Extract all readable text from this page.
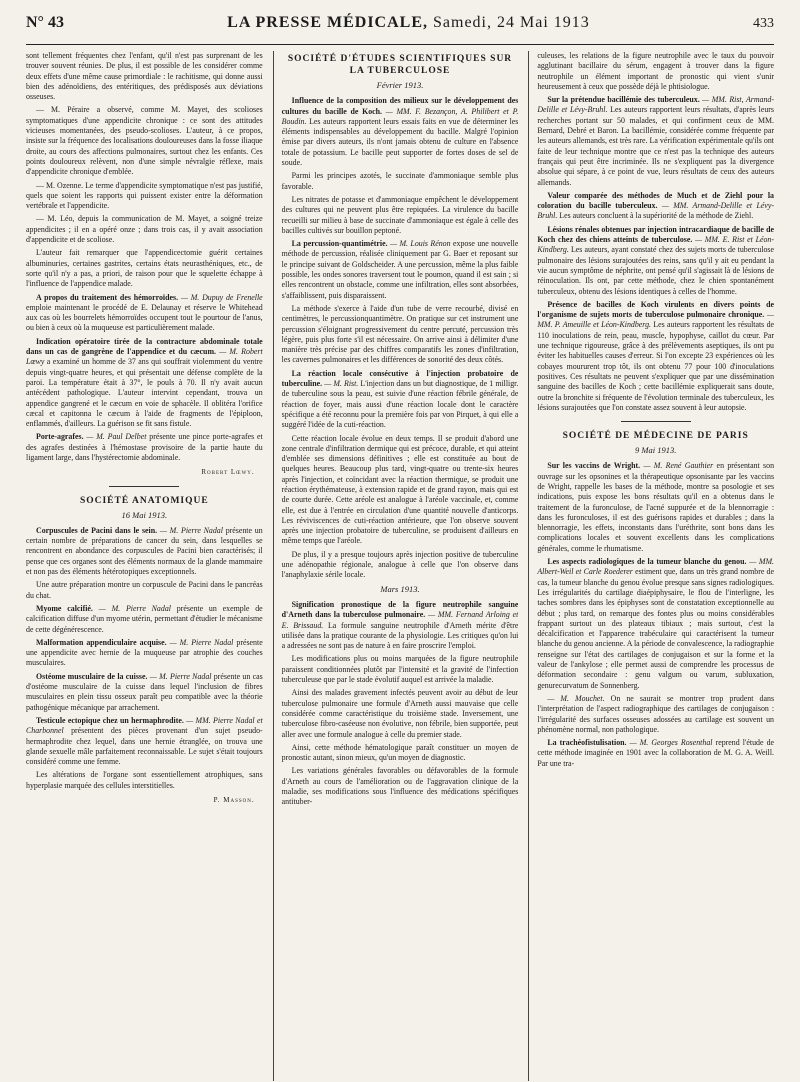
N° 43	LA PRESSE MÉDICALE, Samedi, 24 Mai 1913	433

sont tellement fréquentes chez l'enfant, qu'il n'est pas surprenant de les trouver souvent réunies. De plus, il est possible de les considérer comme deux effets d'une même cause primordiale : le rachitisme, qui donne aussi bien des adénoïdiens, des entéritiques, des prédisposés aux déviations osseuses.

— M. Péraire a observé, comme M. Mayet, des scolioses symptomatiques d'une appendicite chronique : ce sont des attitudes vicieuses momentanées, des pseudo-scolioses. L'auteur, à ce propos, insiste sur la fréquence des localisations douloureuses dans la fosse iliaque droite, au cours des affections pulmonaires, surtout chez les enfants. Ces points douloureux relèvent, non d'une simple névralgie réflexe, mais d'appendicite chronique d'emblée.

— M. Ozenne. Le terme d'appendicite symptomatique n'est pas justifié, quels que soient les rapports qui puissent exister entre la déformation vertébrale et l'appendicite.

— M. Léo, depuis la communication de M. Mayet, a soigné treize appendicites ; il en a opéré onze ; dans trois cas, il y avait association d'appendicite et de scoliose.

L'auteur fait remarquer que l'appendicectomie guérit certaines albuminuries, certaines gastrites, certains états neurasthéniques, etc., de sorte qu'il n'y a pas, a priori, de raison pour que le squelette échappe à l'influence de l'appendice malade.

A propos du traitement des hémorroïdes. — M. Dupuy de Frenelle emploie maintenant le procédé de E. Delaunay et réserve le Whitehead aux cas où les bourrelets hémorroïdes occupent tout le pourtour de l'anus, ou bien à ceux où la muqueuse est particulièrement malade.

Indication opératoire tirée de la contracture abdominale totale dans un cas de gangrène de l'appendice et du cæcum. — M. Robert Lœwy a examiné un homme de 37 ans qui souffrait violemment du ventre depuis vingt-quatre heures, et qui présentait une défense complète de la paroi. La température était à 37°, le pouls à 70. Il n'y avait aucun antécédent pathologique. L'auteur intervint cependant, trouva un appendice gangrené et le cæcum en voie de sphacèle. Il oblitéra l'orifice cæcal et capitonna le cæcum à l'aide de fragments de l'épiploon, enflammés, d'ailleurs. La guérison se fit sans fistule.

Porte-agrafes. — M. Paul Delbet présente une pince porte-agrafes et des agrafes destinées à l'hémostase provisoire de la partie haute du ligament large, dans l'hystérectomie abdominale.

Robert Lœwy.
SOCIÉTÉ ANATOMIQUE
16 Mai 1913.

Corpuscules de Pacini dans le sein. — M. Pierre Nadal présente un certain nombre de préparations de cancer du sein, dans lesquelles se rencontrent en abondance des corpuscules de Pacini bien caractérisés; il pense que ces organes sont des éléments normaux de la glande mammaire et non pas des éléments hétérotopiques exceptionnels.

Une autre préparation montre un corpuscule de Pacini dans le pancréas du chat.

Myome calcifié. — M. Pierre Nadal présente un exemple de calcification diffuse d'un myome utérin, permettant d'étudier le mécanisme de cette dégénérescence.

Malformation appendiculaire acquise. — M. Pierre Nadal présente une appendicite avec hernie de la muqueuse par atrophie des couches musculaires.

Ostéome musculaire de la cuisse. — M. Pierre Nadal présente un cas d'ostéome musculaire de la cuisse dans lequel l'inclusion de fibres musculaires en plein tissu osseux paraît peu compatible avec la théorie pathogénique mécanique par arrachement.

Testicule ectopique chez un hermaphrodite. — MM. Pierre Nadal et Charbonnel présentent des pièces provenant d'un sujet pseudo-hermaphrodite chez lequel, dans une hernie étranglée, on trouva une glande sexuelle mâle parfaitement reconnaissable. Le sujet s'était toujours considéré comme une femme.

Les altérations de l'organe sont essentiellement atrophiques, sans hyperplasie marquée des cellules interstitielles.

P. Masson.
SOCIÉTÉ D'ÉTUDES SCIENTIFIQUES SUR LA TUBERCULOSE
Février 1913.

Influence de la composition des milieux sur le développement des cultures du bacille de Koch. — MM. F. Bezançon, A. Philibert et P. Boudin. Les auteurs rapportent leurs essais faits en vue de déterminer les éléments indispensables au développement du bacille. Malgré l'opinion émise par divers auteurs, ils n'ont jamais obtenu de culture en l'absence totale de potassium. Le bacille peut supporter de fortes doses de sel de soude.

Parmi les principes azotés, le succinate d'ammoniaque semble plus favorable.

Les nitrates de potasse et d'ammoniaque empêchent le développement des cultures qui ne peuvent plus être repiquées. La virulence du bacille recueilli sur milieu à base de succinate d'ammoniaque est égale à celle des bacilles cultivés sur bouillon peptoné.

La percussion-quantimétrie. — M. Louis Rénon expose une nouvelle méthode de percussion, réalisée cliniquement par G. Baer et reposant sur le principe suivant de Goldscheider. A une percussion, même la plus faible possible, les ondes sonores traversent tout le poumon, quand il est sain ; si elles rencontrent un obstacle, comme une infiltration, elles sont absorbées, s'affaiblissent, puis disparaissent.

La méthode s'exerce à l'aide d'un tube de verre recourbé, divisé en centimètres, le percussionquantimètre. On pratique sur cet instrument une percussion s'éloignant progressivement du centre percuté, percussion très légère, puis plus forte s'il est nécessaire. On arrive ainsi à délimiter d'une manière très précise par des chiffres comparatifs les zones d'infiltration, les cavernes pulmonaires et les différences de sonorité des deux côtés.

La réaction locale consécutive à l'injection probatoire de tuberculine. — M. Rist. L'injection dans un but diagnostique, de 1 milligr. de tuberculine sous la peau, est suivie d'une réaction fébrile générale, de réaction de foyer, mais aussi d'une réaction locale dont le caractère spécifique a été reconnu pour la première fois par von Pirquet, à qui elle a suggéré l'idée de la cuti-réaction.

Cette réaction locale évolue en deux temps. Il se produit d'abord une zone centrale d'infiltration dermique qui est précoce, durable, et qui atteint d'emblée ses dimensions définitives ; elle est constituée au bout de quelques heures. Beaucoup plus tard, vingt-quatre ou trente-six heures après l'injection, et coïncidant avec la réaction thermique, se produit une réaction érythémateuse, à extension rapide et de grand rayon, mais qui est de courte durée. Cette aréole est analogue à l'aréole vaccinale, et, comme elle, est due à l'entrée en circulation d'une quantité nouvelle d'anticorps. Les réviviscences de cuti-réaction antérieure, que l'on observe souvent après une injection probatoire de tuberculine, se produisent d'ailleurs en même temps que l'aréole.

De plus, il y a presque toujours après injection positive de tuberculine une adénopathie régionale, analogue à celle que l'on observe dans l'anaphylaxie sérile locale.

Mars 1913.

Signification pronostique de la figure neutrophile sanguine d'Arneth dans la tuberculose pulmonaire. — MM. Fernand Arloing et E. Brissaud. La formule sanguine neutrophile d'Arneth mérite d'être utilisée dans la pratique courante de la physiologie. Les critiques qu'on lui a adressées ne sont pas de nature à en faire proscrire l'emploi.

Les modifications plus ou moins marquées de la figure neutrophile paraissent conditionnées plutôt par l'intensité et la gravité de l'infection tuberculeuse que par le stade évolutif auquel est arrivée la maladie.

Ainsi des malades gravement infectés peuvent avoir au début de leur tuberculose pulmonaire une formule d'Arneth aussi mauvaise que celle considérée comme caractéristique du troisième stade. Inversement, une tuberculose fibro-caséeuse non évolutive, non fébrile, bien supportée, peut aller avec une formule analogue à celle du premier stade.

Ainsi, cette méthode hématologique paraît constituer un moyen de pronostic autant, sinon mieux, qu'un moyen de diagnostic.

Les variations générales favorables ou défavorables de la formule d'Arneth au cours de l'amélioration ou de l'aggravation clinique de la maladie, ses modifications sous l'influence des médications spécifiques antituber-

culeuses, les relations de la figure neutrophile avec le taux du pouvoir agglutinant bacillaire du sérum, engagent à trouver dans la figure neutrophile un élément important de pronostic qui vient s'unir heureusement à ceux que possède déjà le phtisiologue.

Sur la prétendue bacillémie des tuberculeux. — MM. Rist, Armand-Delille et Lévy-Bruhl. Les auteurs rapportent leurs résultats, d'après leurs recherches portant sur 50 malades, et qui confirment ceux de MM. Bernard, Debré et Baron. La bacillémie, considérée comme fréquente par les auteurs allemands, est très rare. La vérification expérimentale qu'ils ont faite de leur technique montre que ce n'est pas la technique des auteurs français qui peut être incriminée. Ils ne s'expliquent pas la divergence absolue qui sépare, à ce point de vue, leurs résultats de ceux des auteurs allemands.

Valeur comparée des méthodes de Much et de Ziehl pour la coloration du bacille tuberculeux. — MM. Armand-Delille et Lévy-Bruhl. Les auteurs concluent à la supériorité de la méthode de Ziehl.

Lésions rénales obtenues par injection intracardiaque de bacille de Koch chez des chiens atteints de tuberculose. — MM. E. Rist et Léon-Kindberg. Les auteurs, ayant constaté chez des sujets morts de tuberculose pulmonaire des lésions surajoutées des reins, sans qu'il y ait eu pendant la vie aucun symptôme de néphrite, ont pensé qu'il s'agissait là de lésions de réinoculation. Ils ont, par cette méthode, chez le chien spontanément tuberculeux, obtenu des lésions identiques à celles de l'homme.

Présence de bacilles de Koch virulents en divers points de l'organisme de sujets morts de tuberculose pulmonaire chronique. — MM. P. Ameuille et Léon-Kindberg. Les auteurs rapportent les résultats de 110 inoculations de rein, peau, muscle, hypophyse, caillot du cœur. Par une technique rigoureuse, grâce à des prélèvements aseptiques, ils ont pu éviter les habituelles causes d'erreur. Si l'on excepte 23 expériences où les cobayes moururent trop tôt, ils ont obtenu 77 pour 100 d'inoculations positives. Ces résultats ne peuvent s'expliquer que par une dissémination sanguine des bacilles de Koch ; cette bacillémie expliquerait sans doute, outre la bronchite si fréquente de l'évolution terminale des tuberculeux, les lésions surajoutées que l'on constate assez souvent à leur autopsie.

SOCIÉTÉ DE MÉDECINE DE PARIS
9 Mai 1913.

Sur les vaccins de Wright. — M. René Gauthier en présentant son ouvrage sur les opsonines et la thérapeutique opsonisante par les vaccins de Wright, rappelle les bases de la méthode, montre sa posologie et ses indications, puis expose les bons résultats qu'il en a obtenus dans le traitement de la furonculose, de l'acné suppurée et de la blennorragie : dans les furonculoses, il est des guérisons rapides et durables ; dans la blennorragie, les effets, inconstants dans l'uréthrite, sont bons dans les complications locales et souvent excellents dans les complications générales, comme le rhumatisme.

Les aspects radiologiques de la tumeur blanche du genou. — MM. Albert-Weil et Carle Roederer estiment que, dans un très grand nombre de cas, la tumeur blanche du genou évolue presque sans signes radiologiques. Les irrégularités du cartilage diaépiphysaire, le flou de l'interligne, les taches sombres dans les épiphyses sont de constatation exceptionnelle au début ; plus tard, on remarque des fontes plus ou moins considérables frappant surtout un des plateaux tibiaux ; mais surtout, c'est la décalcification et l'apparence trabéculaire qui caractérisent la tumeur blanche du genou ancienne. A la période de convalescence, la radiographie renseigne sur l'état des cartilages de conjugaison et sur la forme et la valeur de l'ankylose ; elle permet aussi de comprendre les processus de déformation secondaire : genu valgum ou varum, subluxation, genurecurvatum de Sonnenberg.

— M. Mouchet. On ne saurait se montrer trop prudent dans l'interprétation de l'aspect radiographique des cartilages de conjugaison : l'irrégularité des surfaces osseuses adossées au cartilage est souvent un phénomène normal, non pathologique.

La trachéofistulisation. — M. Georges Rosenthal reprend l'étude de cette méthode imaginée en 1901 avec la collaboration de M. G. A. Weill. Par une tra-
